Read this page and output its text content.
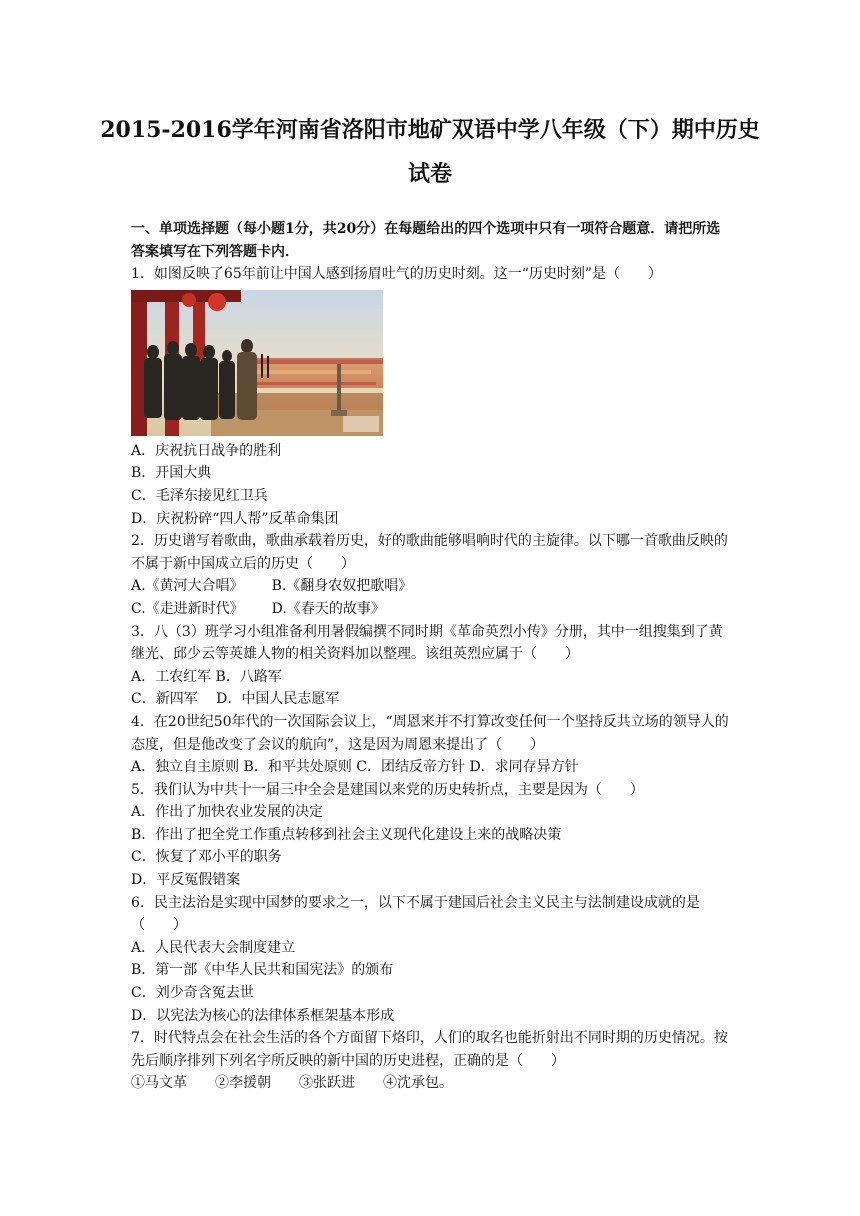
2015-2016学年河南省洛阳市地矿双语中学八年级（下）期中历史试卷
一、单项选择题（每小题1分，共20分）在每题给出的四个选项中只有一项符合题意．请把所选答案填写在下列答题卡内．
1．如图反映了65年前让中国人感到扬眉吐气的历史时刻。这一“历史时刻”是（　　）
A．庆祝抗日战争的胜利
B．开国大典
C．毛泽东接见红卫兵
D．庆祝粉碎“四人帮”反革命集团
2．历史谱写着歌曲，歌曲承载着历史，好的歌曲能够唱响时代的主旋律。以下哪一首歌曲反映的不属于新中国成立后的历史（　　）
A.《黄河大合唱》 B.《翻身农奴把歌唱》
C.《走进新时代》 D.《春天的故事》
3．八（3）班学习小组准备利用暑假编撰不同时期《革命英烈小传》分册，其中一组搜集到了黄继光、邱少云等英雄人物的相关资料加以整理。该组英烈应属于（　　）
A．工农红军 B．八路军
C．新四军　 D．中国人民志愿军
4．在20世纪50年代的一次国际会议上，“周恩来并不打算改变任何一个坚持反共立场的领导人的态度，但是他改变了会议的航向”，这是因为周恩来提出了（　　）
A．独立自主原则 B．和平共处原则 C．团结反帝方针 D．求同存异方针
5．我们认为中共十一届三中全会是建国以来党的历史转折点，主要是因为（　　）
A．作出了加快农业发展的决定
B．作出了把全党工作重点转移到社会主义现代化建设上来的战略决策
C．恢复了邓小平的职务
D．平反冤假错案
6．民主法治是实现中国梦的要求之一，以下不属于建国后社会主义民主与法制建设成就的是（　　）
A．人民代表大会制度建立
B．第一部《中华人民共和国宪法》的颁布
C．刘少奇含冤去世
D．以宪法为核心的法律体系框架基本形成
7．时代特点会在社会生活的各个方面留下烙印，人们的取名也能折射出不同时期的历史情况。按先后顺序排列下列名字所反映的新中国的历史进程，正确的是（　　）
①马文革 ②李援朝 ③张跃进 ④沈承包。
